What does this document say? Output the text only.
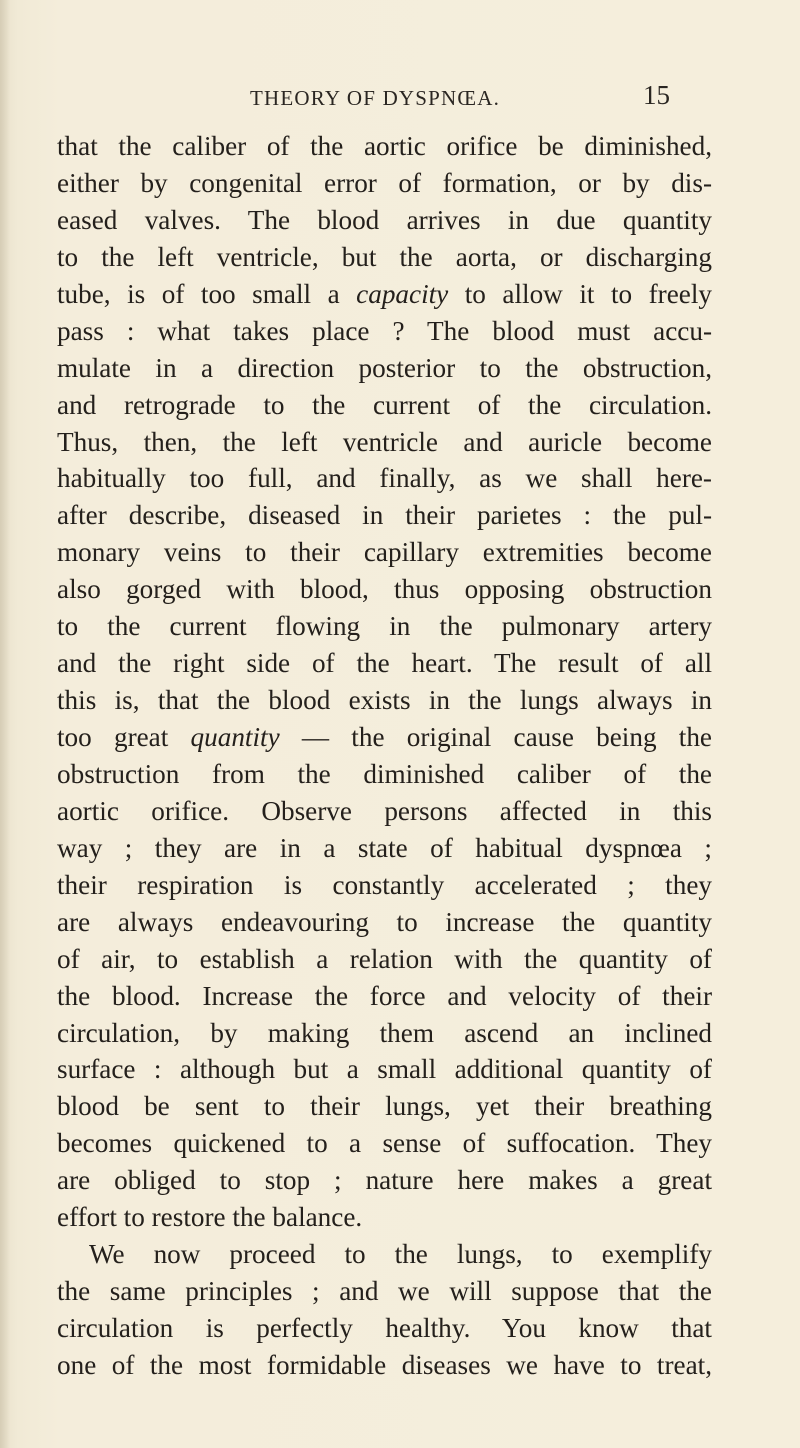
THEORY OF DYSPNŒA.	15
that the caliber of the aortic orifice be diminished,
either by congenital error of formation, or by dis-
eased valves. The blood arrives in due quantity
to the left ventricle, but the aorta, or discharging
tube, is of too small a capacity to allow it to freely
pass : what takes place ? The blood must accu-
mulate in a direction posterior to the obstruction,
and retrograde to the current of the circulation.
Thus, then, the left ventricle and auricle become
habitually too full, and finally, as we shall here-
after describe, diseased in their parietes : the pul-
monary veins to their capillary extremities become
also gorged with blood, thus opposing obstruction
to the current flowing in the pulmonary artery
and the right side of the heart. The result of all
this is, that the blood exists in the lungs always in
too great quantity — the original cause being the
obstruction from the diminished caliber of the
aortic orifice. Observe persons affected in this
way ; they are in a state of habitual dyspnœa ;
their respiration is constantly accelerated ; they
are always endeavouring to increase the quantity
of air, to establish a relation with the quantity of
the blood. Increase the force and velocity of their
circulation, by making them ascend an inclined
surface : although but a small additional quantity of
blood be sent to their lungs, yet their breathing
becomes quickened to a sense of suffocation. They
are obliged to stop ; nature here makes a great
effort to restore the balance.
We now proceed to the lungs, to exemplify
the same principles ; and we will suppose that the
circulation is perfectly healthy. You know that
one of the most formidable diseases we have to treat,
